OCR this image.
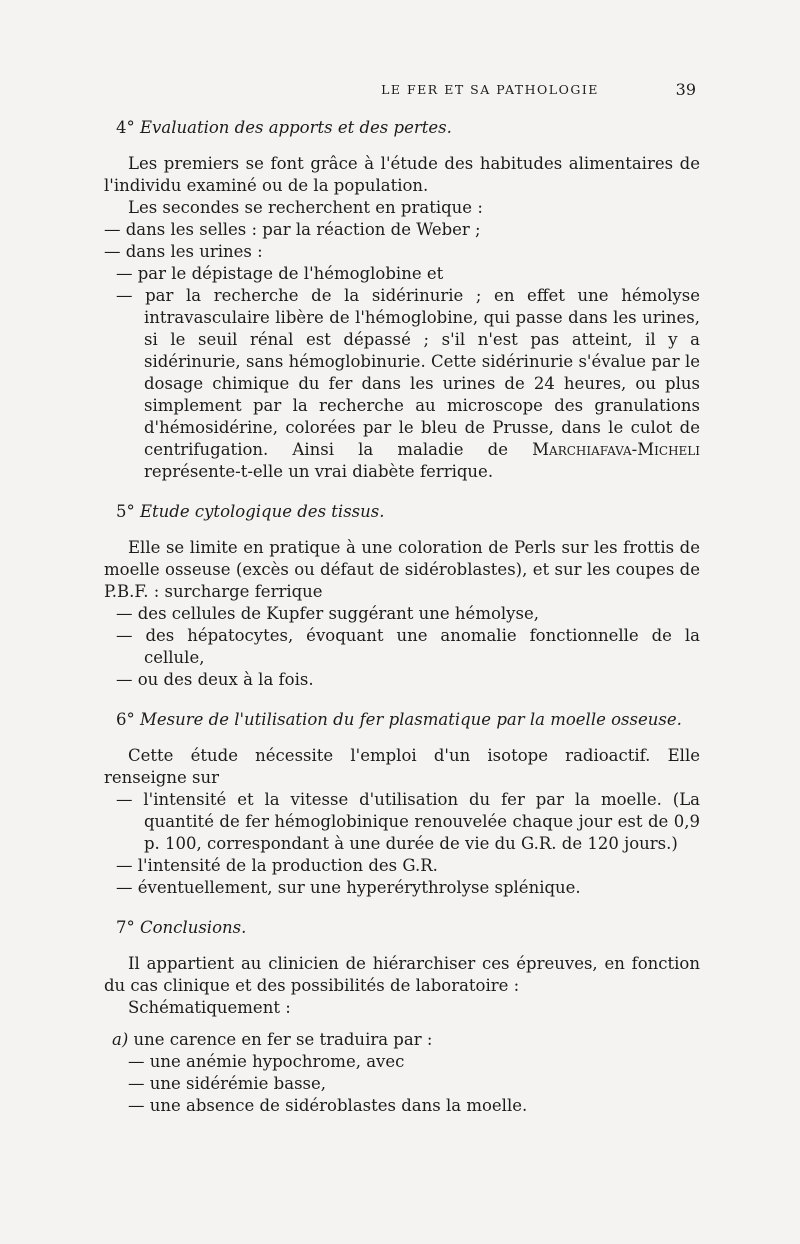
LE FER ET SA PATHOLOGIE	39

4° Evaluation des apports et des pertes.

Les premiers se font grâce à l'étude des habitudes alimentaires de l'individu examiné ou de la population.

Les secondes se recherchent en pratique :

— dans les selles : par la réaction de Weber ;

— dans les urines :

— par le dépistage de l'hémoglobine et

— par la recherche de la sidérinurie ; en effet une hémolyse intravasculaire libère de l'hémoglobine, qui passe dans les urines, si le seuil rénal est dépassé ; s'il n'est pas atteint, il y a sidérinurie, sans hémoglobinurie. Cette sidérinurie s'évalue par le dosage chimique du fer dans les urines de 24 heures, ou plus simplement par la recherche au microscope des granulations d'hémosidérine, colorées par le bleu de Prusse, dans le culot de centrifugation. Ainsi la maladie de Marchiafava-Micheli représente-t-elle un vrai diabète ferrique.

5° Etude cytologique des tissus.

Elle se limite en pratique à une coloration de Perls sur les frottis de moelle osseuse (excès ou défaut de sidéroblastes), et sur les coupes de P.B.F. : surcharge ferrique

— des cellules de Kupfer suggérant une hémolyse,

— des hépatocytes, évoquant une anomalie fonctionnelle de la cellule,

— ou des deux à la fois.

6° Mesure de l'utilisation du fer plasmatique par la moelle osseuse.

Cette étude nécessite l'emploi d'un isotope radioactif. Elle renseigne sur

— l'intensité et la vitesse d'utilisation du fer par la moelle. (La quantité de fer hémoglobinique renouvelée chaque jour est de 0,9 p. 100, correspondant à une durée de vie du G.R. de 120 jours.)

— l'intensité de la production des G.R.

— éventuellement, sur une hyperérythrolyse splénique.

7° Conclusions.

Il appartient au clinicien de hiérarchiser ces épreuves, en fonction du cas clinique et des possibilités de laboratoire :

Schématiquement :

a) une carence en fer se traduira par :

— une anémie hypochrome, avec

— une sidérémie basse,

— une absence de sidéroblastes dans la moelle.
